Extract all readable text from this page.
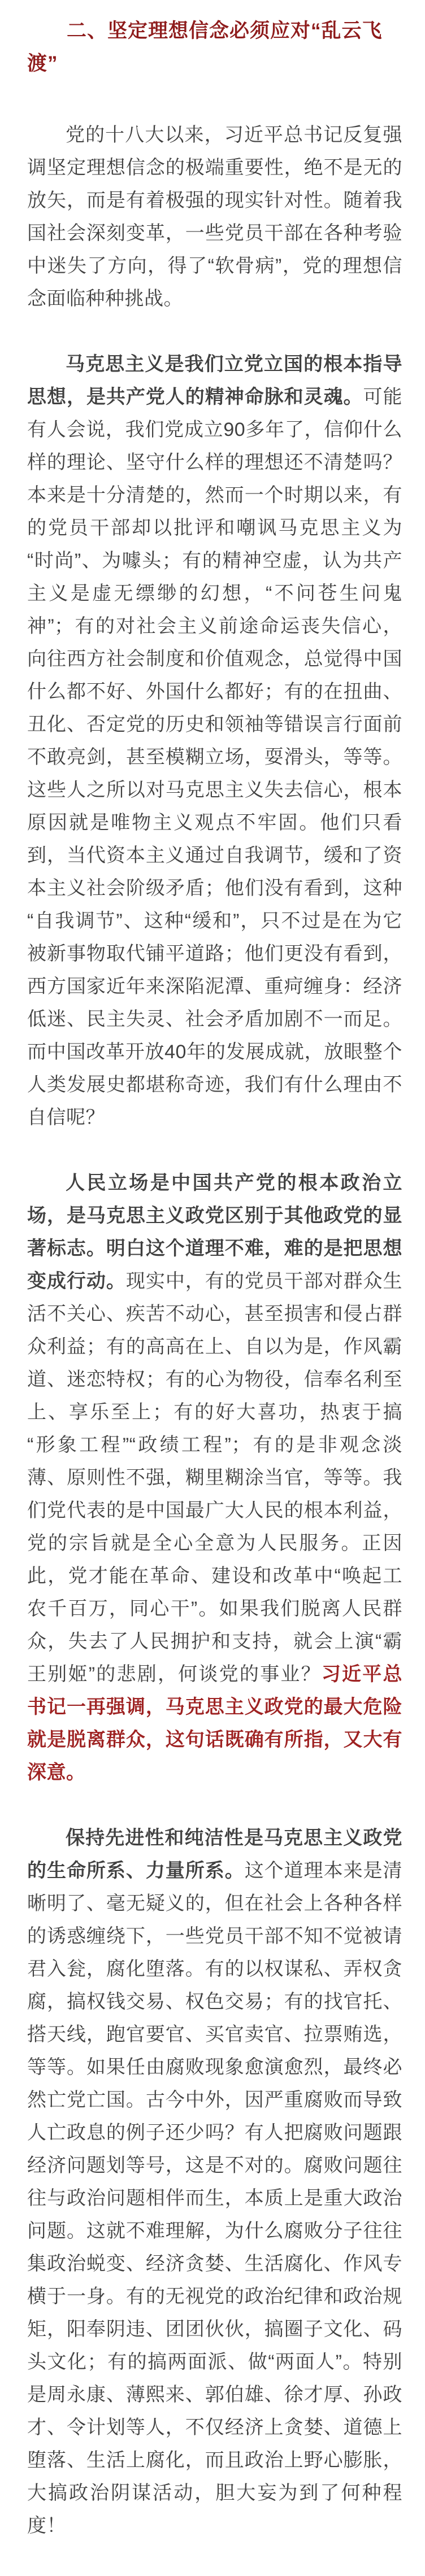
二、坚定理想信念必须应对“乱云飞渡”

党的十八大以来，习近平总书记反复强调坚定理想信念的极端重要性，绝不是无的放矢，而是有着极强的现实针对性。随着我国社会深刻变革，一些党员干部在各种考验中迷失了方向，得了“软骨病”，党的理想信念面临种种挑战。

马克思主义是我们立党立国的根本指导思想，是共产党人的精神命脉和灵魂。可能有人会说，我们党成立90多年了，信仰什么样的理论、坚守什么样的理想还不清楚吗？本来是十分清楚的，然而一个时期以来，有的党员干部却以批评和嘲讽马克思主义为“时尚”、为噱头；有的精神空虚，认为共产主义是虚无缥缈的幻想，“不问苍生问鬼神”；有的对社会主义前途命运丧失信心，向往西方社会制度和价值观念，总觉得中国什么都不好、外国什么都好；有的在扭曲、丑化、否定党的历史和领袖等错误言行面前不敢亮剑，甚至模糊立场，耍滑头，等等。这些人之所以对马克思主义失去信心，根本原因就是唯物主义观点不牢固。他们只看到，当代资本主义通过自我调节，缓和了资本主义社会阶级矛盾；他们没有看到，这种“自我调节”、这种“缓和”，只不过是在为它被新事物取代铺平道路；他们更没有看到，西方国家近年来深陷泥潭、重疴缠身：经济低迷、民主失灵、社会矛盾加剧不一而足。而中国改革开放40年的发展成就，放眼整个人类发展史都堪称奇迹，我们有什么理由不自信呢？

人民立场是中国共产党的根本政治立场，是马克思主义政党区别于其他政党的显著标志。明白这个道理不难，难的是把思想变成行动。现实中，有的党员干部对群众生活不关心、疾苦不动心，甚至损害和侵占群众利益；有的高高在上、自以为是，作风霸道、迷恋特权；有的心为物役，信奉名利至上、享乐至上；有的好大喜功，热衷于搞“形象工程”“政绩工程”；有的是非观念淡薄、原则性不强，糊里糊涂当官，等等。我们党代表的是中国最广大人民的根本利益，党的宗旨就是全心全意为人民服务。正因此，党才能在革命、建设和改革中“唤起工农千百万，同心干”。如果我们脱离人民群众，失去了人民拥护和支持，就会上演“霸王别姬”的悲剧，何谈党的事业？习近平总书记一再强调，马克思主义政党的最大危险就是脱离群众，这句话既确有所指，又大有深意。

保持先进性和纯洁性是马克思主义政党的生命所系、力量所系。这个道理本来是清晰明了、毫无疑义的，但在社会上各种各样的诱惑缠绕下，一些党员干部不知不觉被请君入瓮，腐化堕落。有的以权谋私、弄权贪腐，搞权钱交易、权色交易；有的找官托、搭天线，跑官要官、买官卖官、拉票贿选，等等。如果任由腐败现象愈演愈烈，最终必然亡党亡国。古今中外，因严重腐败而导致人亡政息的例子还少吗？有人把腐败问题跟经济问题划等号，这是不对的。腐败问题往往与政治问题相伴而生，本质上是重大政治问题。这就不难理解，为什么腐败分子往往集政治蜕变、经济贪婪、生活腐化、作风专横于一身。有的无视党的政治纪律和政治规矩，阳奉阴违、团团伙伙，搞圈子文化、码头文化；有的搞两面派、做“两面人”。特别是周永康、薄熙来、郭伯雄、徐才厚、孙政才、令计划等人，不仅经济上贪婪、道德上堕落、生活上腐化，而且政治上野心膨胀，大搞政治阴谋活动，胆大妄为到了何种程度！
